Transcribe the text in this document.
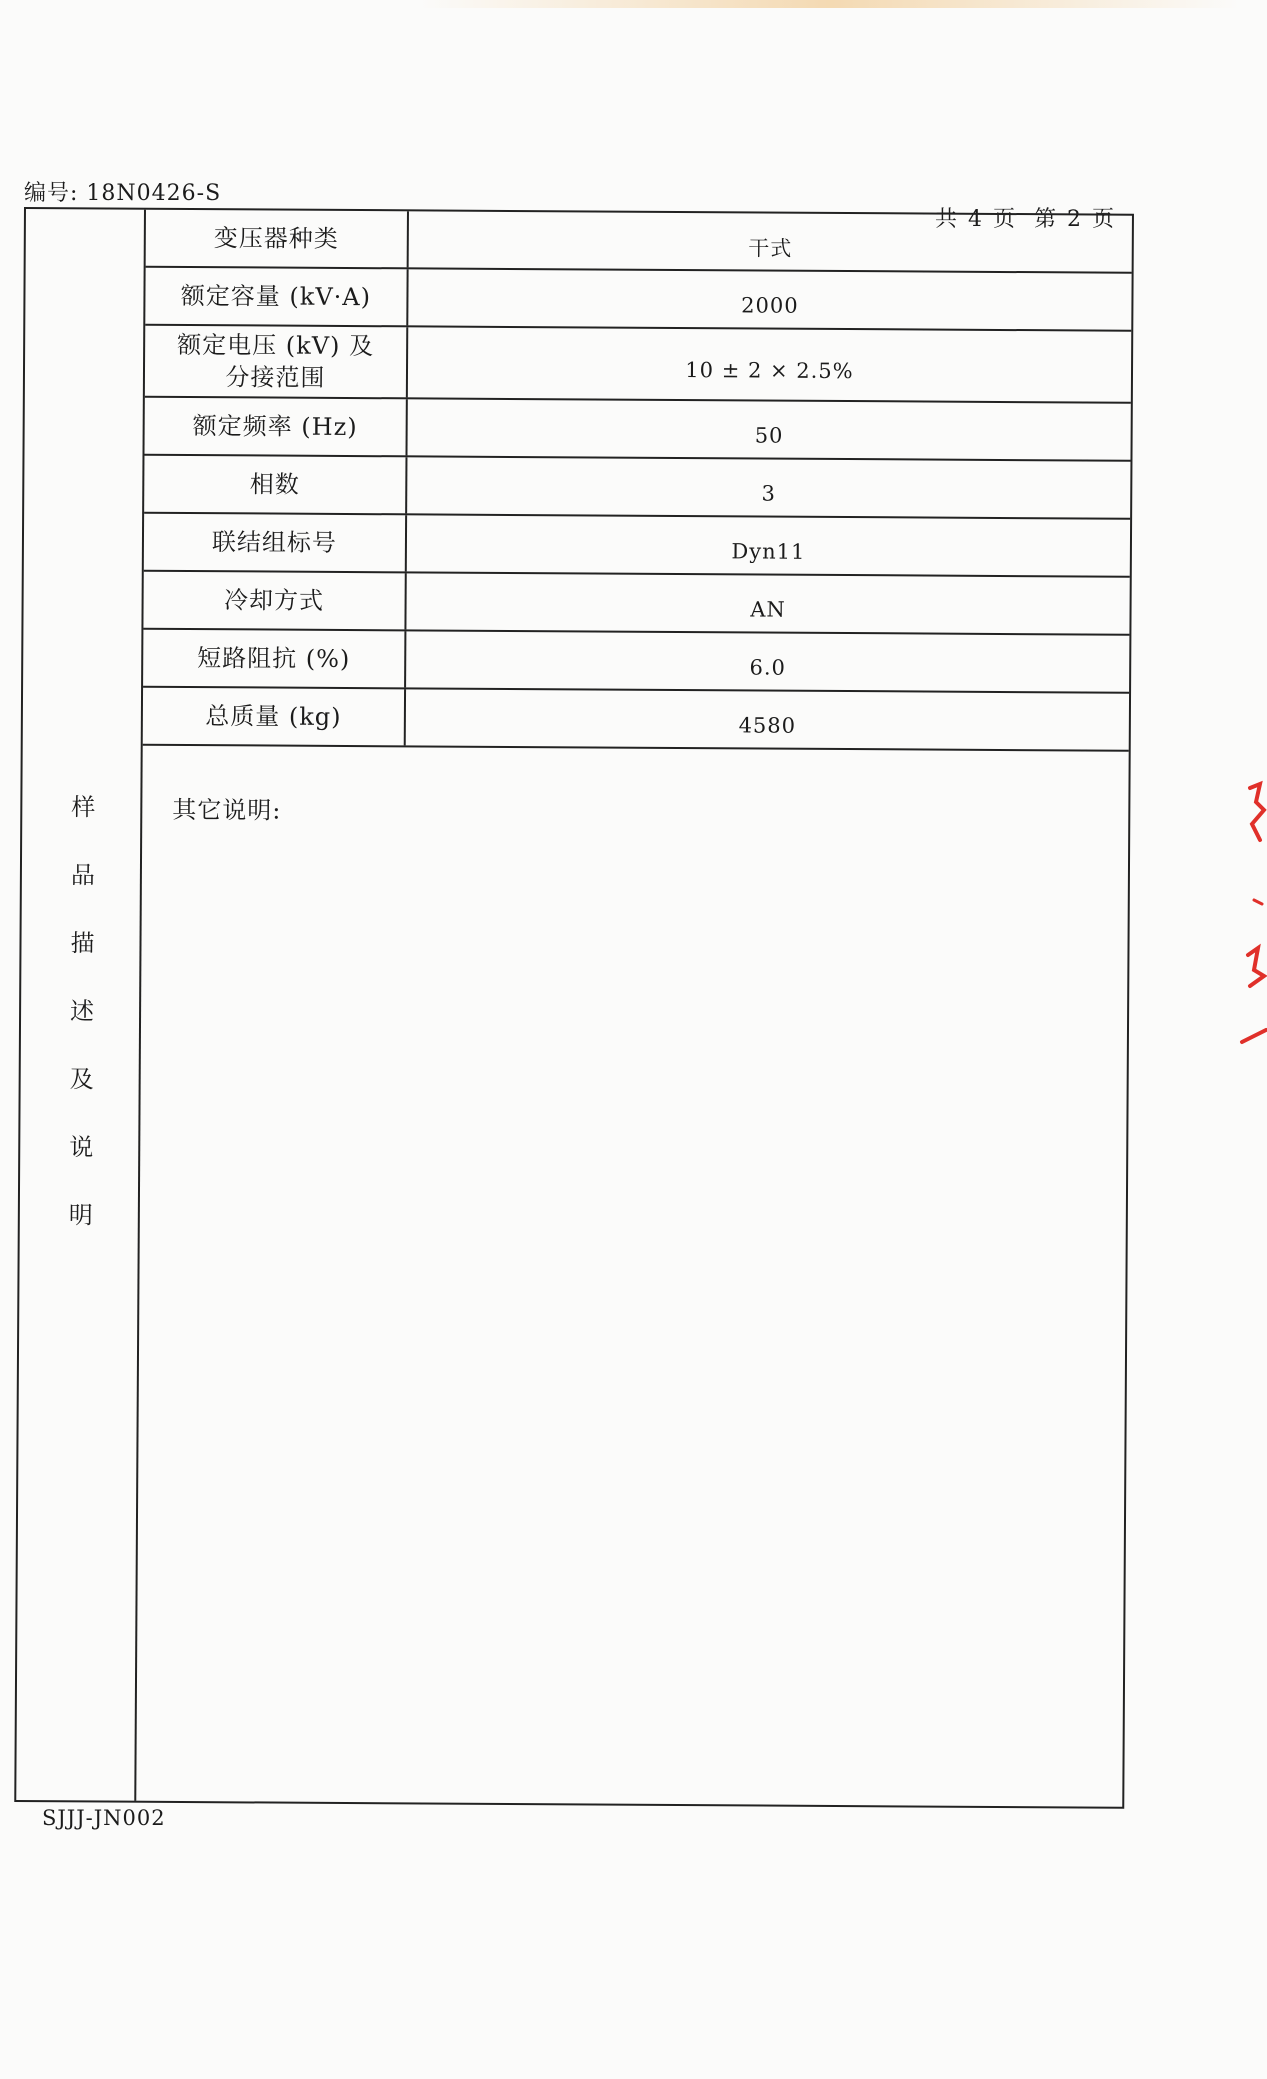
编号: 18N0426-S
共 4 页 第 2 页
样
品
描
述
及
说
明
变压器种类	干式
额定容量 (kV·A)	2000
额定电压 (kV) 及
分接范围	10 ± 2 × 2.5%
额定频率 (Hz)	50
相数	3
联结组标号	Dyn11
冷却方式	AN
短路阻抗 (%)	6.0
总质量 (kg)	4580
其它说明:
SJJJ-JN002
